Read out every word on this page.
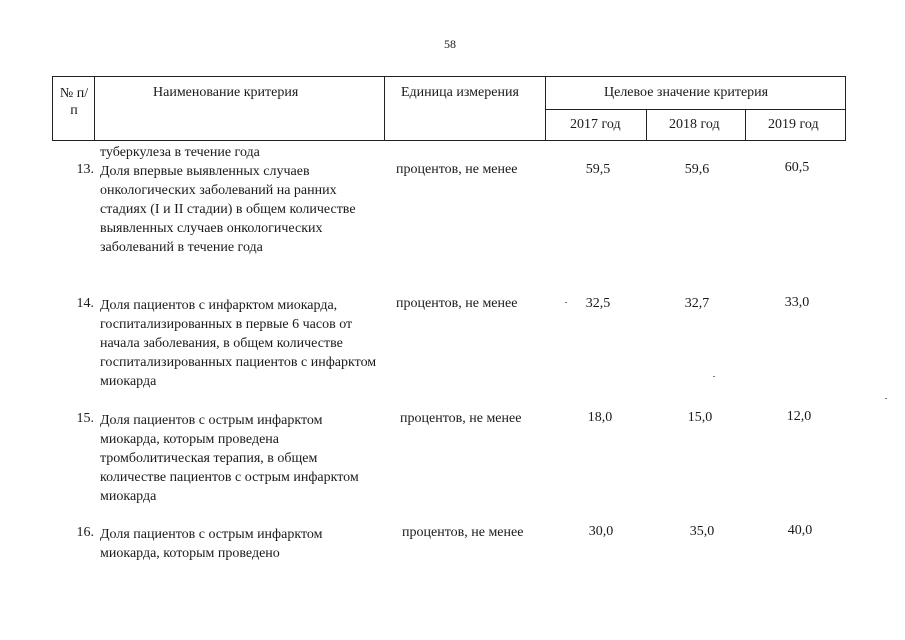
58
№ п/п
Наименование критерия	Единица измерения	Целевое значение критерия
2017 год	2018 год	2019 год
туберкулеза в течение года
13. Доля впервые выявленных случаев онкологических заболеваний на ранних стадиях (I и II стадии) в общем количестве выявленных случаев онкологических заболеваний в течение года
процентов, не менее	59,5	59,6	60,5
14. Доля пациентов с инфарктом миокарда, госпитализированных в первые 6 часов от начала заболевания, в общем количестве госпитализированных пациентов с инфарктом миокарда
процентов, не менее	32,5	32,7	33,0
15. Доля пациентов с острым инфарктом миокарда, которым проведена тромболитическая терапия, в общем количестве пациентов с острым инфарктом миокарда
процентов, не менее	18,0	15,0	12,0
16. Доля пациентов с острым инфарктом миокарда, которым проведено
процентов, не менее	30,0	35,0	40,0
